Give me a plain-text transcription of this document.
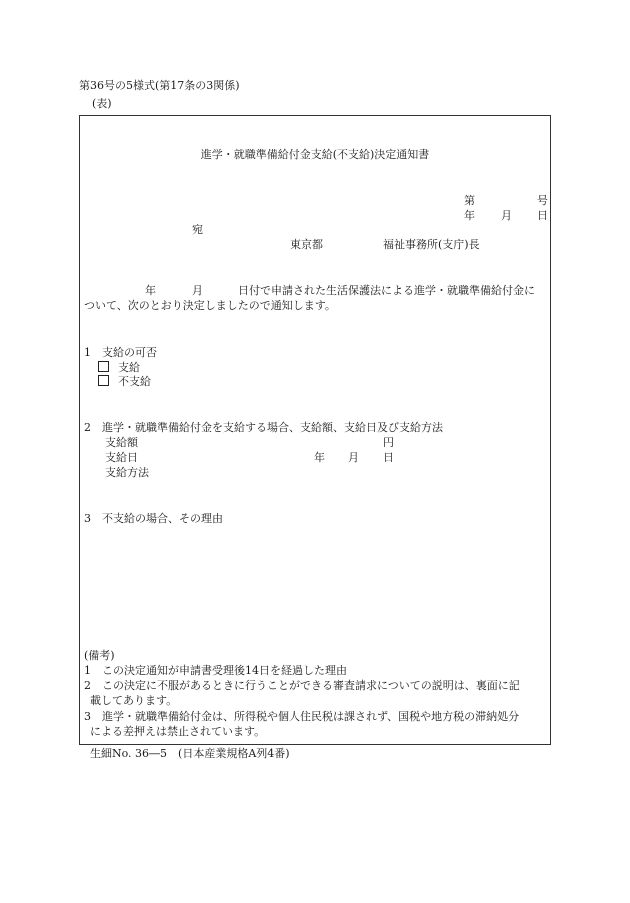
第36号の5様式(第17条の3関係)
(表)
進学・就職準備給付金支給(不支給)決定通知書
第	号
年 月 日
宛
東京都	福祉事務所(支庁)長
年	月	日付で申請された生活保護法による進学・就職準備給付金に
ついて、次のとおり決定しましたので通知します。
1　支給の可否
支給
不支給
2　進学・就職準備給付金を支給する場合、支給額、支給日及び支給方法
支給額	円
支給日	年 月 日
支給方法
3　不支給の場合、その理由
(備考)
1　この決定通知が申請書受理後14日を経過した理由
2　この決定に不服があるときに行うことができる審査請求についての説明は、裏面に記
載してあります。
3　進学・就職準備給付金は、所得税や個人住民税は課されず、国税や地方税の滞納処分
による差押えは禁止されています。
生細No. 36―5　(日本産業規格A列4番)
